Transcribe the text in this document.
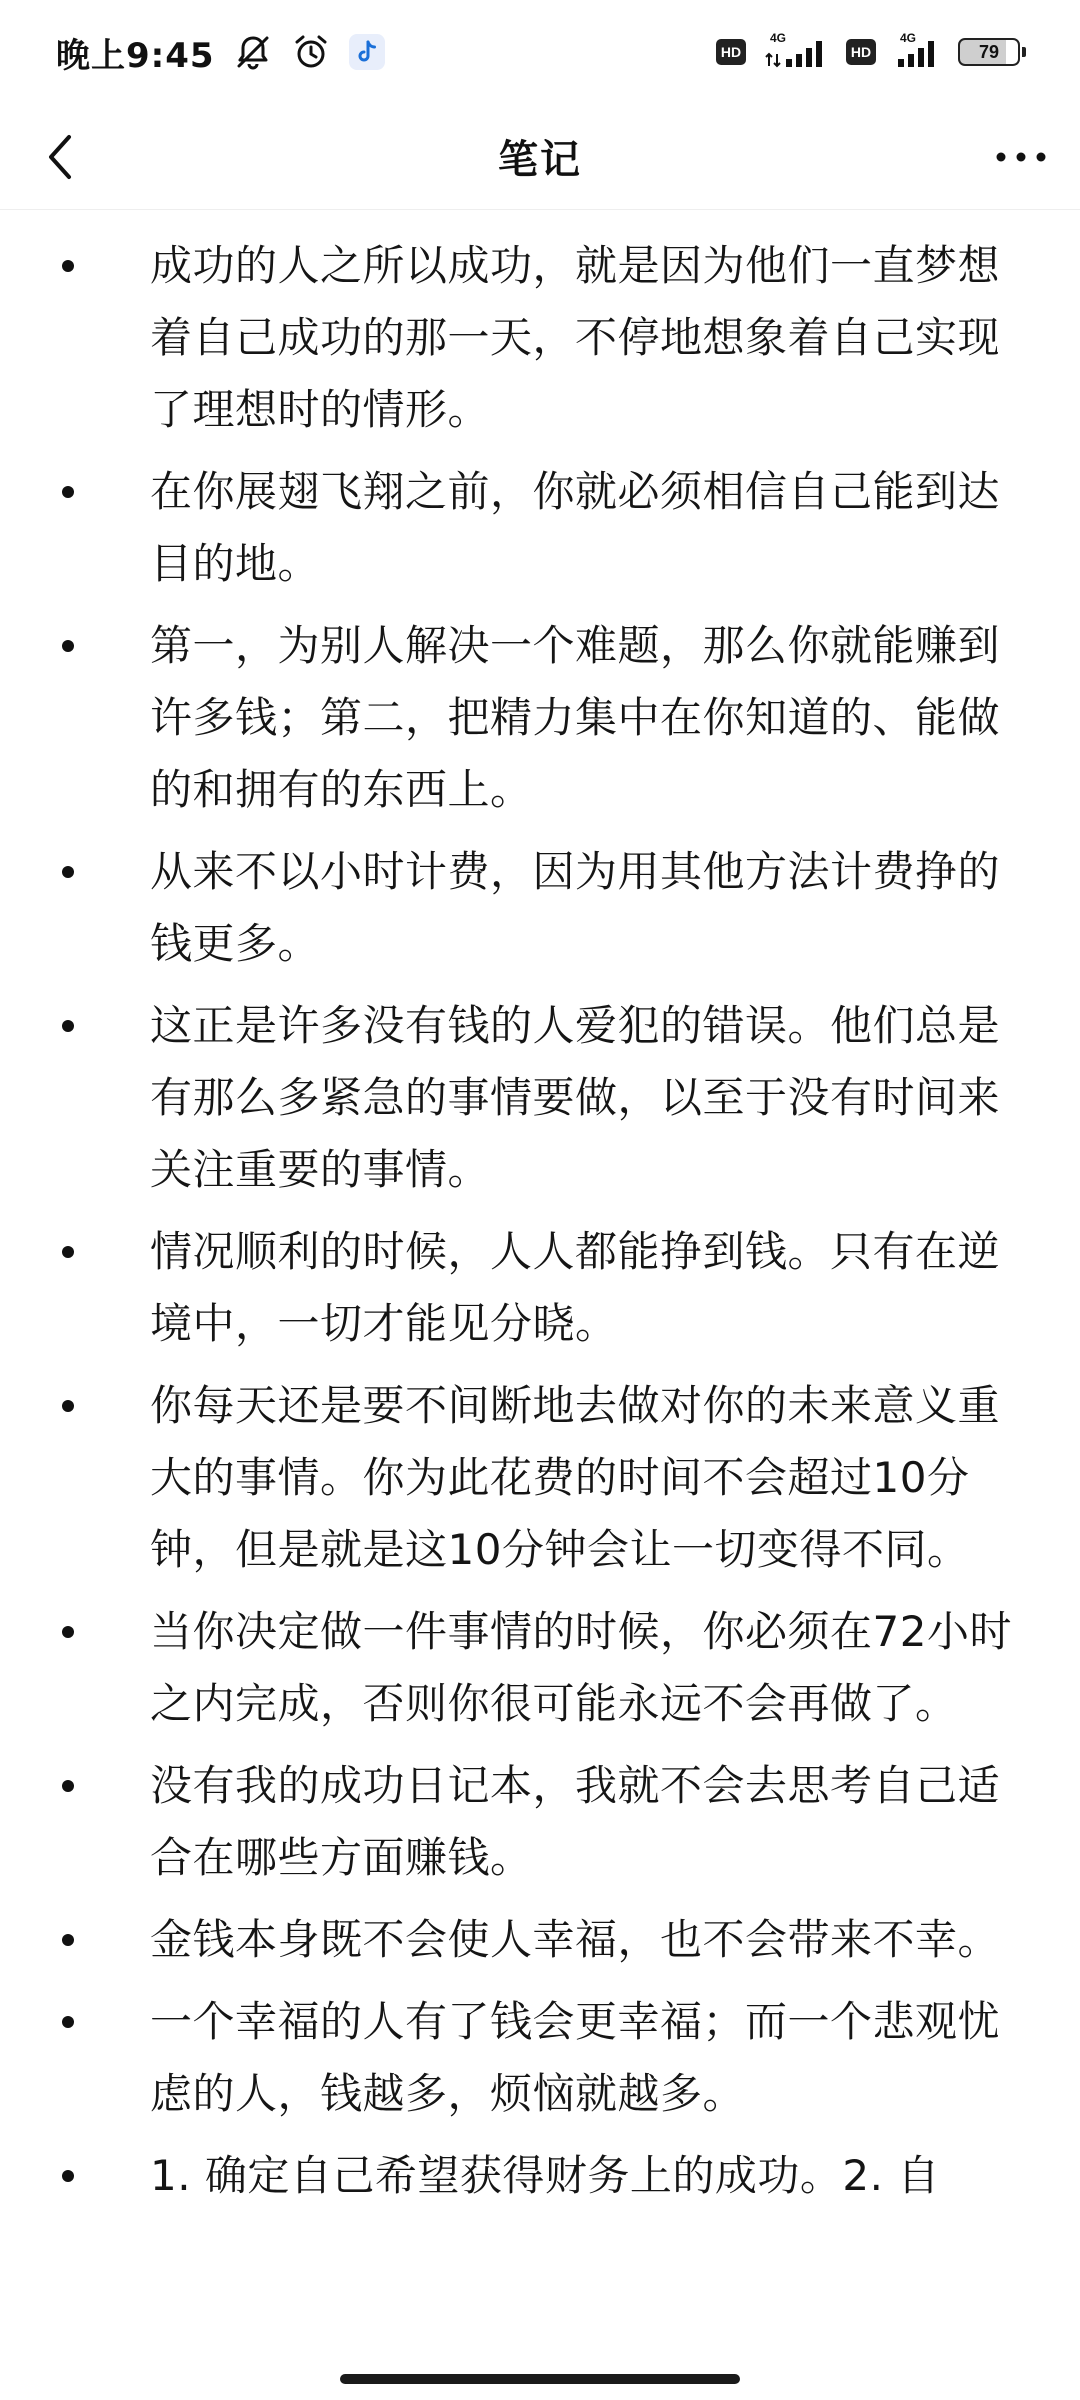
晚上9:45	HD
4G
HD
4G
79
笔记
成功的人之所以成功，就是因为他们一直梦想着自己成功的那一天，不停地想象着自己实现了理想时的情形。
在你展翅飞翔之前，你就必须相信自己能到达目的地。
第一，为别人解决一个难题，那么你就能赚到许多钱；第二，把精力集中在你知道的、能做的和拥有的东西上。
从来不以小时计费，因为用其他方法计费挣的钱更多。
这正是许多没有钱的人爱犯的错误。他们总是有那么多紧急的事情要做，以至于没有时间来关注重要的事情。
情况顺利的时候，人人都能挣到钱。只有在逆境中，一切才能见分晓。
你每天还是要不间断地去做对你的未来意义重大的事情。你为此花费的时间不会超过10分钟，但是就是这10分钟会让一切变得不同。
当你决定做一件事情的时候，你必须在72小时之内完成，否则你很可能永远不会再做了。
没有我的成功日记本，我就不会去思考自己适合在哪些方面赚钱。
金钱本身既不会使人幸福，也不会带来不幸。
一个幸福的人有了钱会更幸福；而一个悲观忧虑的人，钱越多，烦恼就越多。
1. 确定自己希望获得财务上的成功。2. 自
